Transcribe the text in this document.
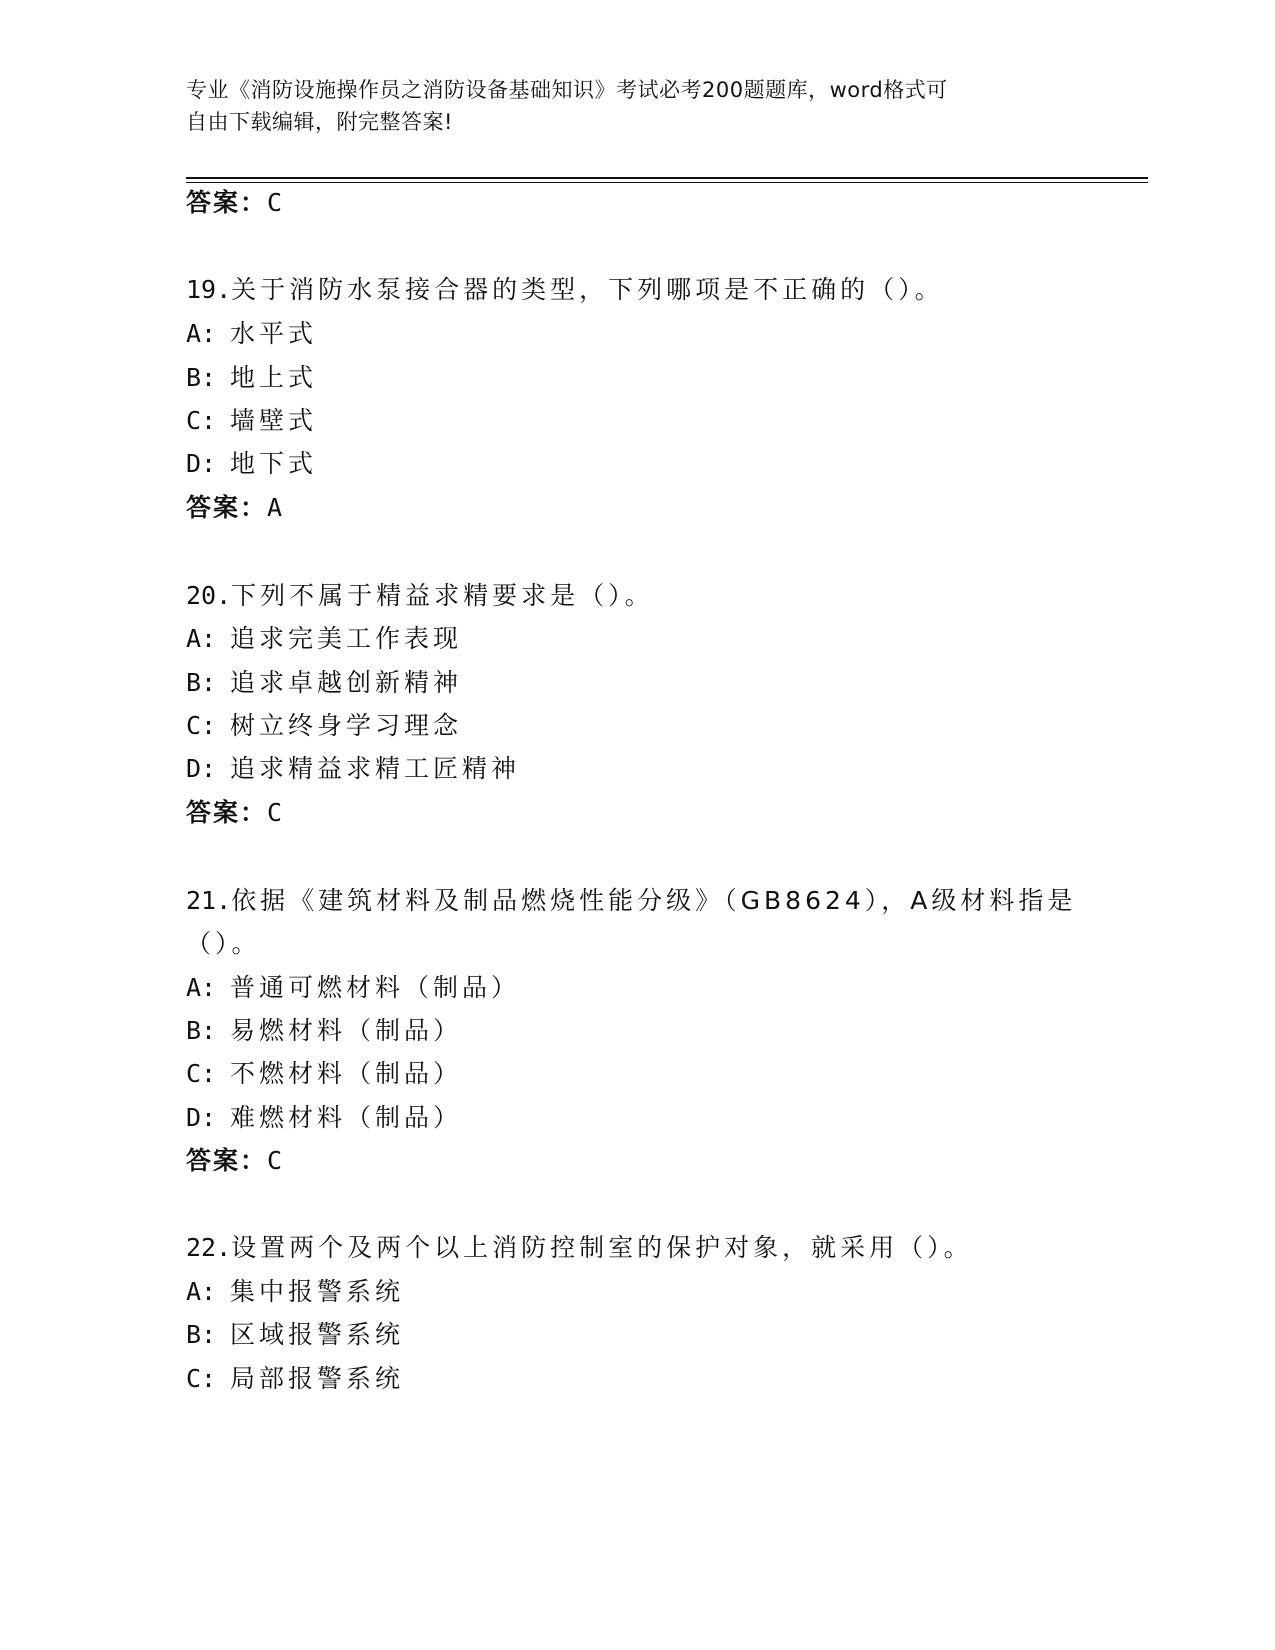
专业《消防设施操作员之消防设备基础知识》考试必考200题题库，word格式可
自由下载编辑，附完整答案!
答案：C
19.关于消防水泵接合器的类型，下列哪项是不正确的（）。
A: 水平式
B: 地上式
C: 墙壁式
D: 地下式
答案：A
20.下列不属于精益求精要求是（）。
A: 追求完美工作表现
B: 追求卓越创新精神
C: 树立终身学习理念
D: 追求精益求精工匠精神
答案：C
21.依据《建筑材料及制品燃烧性能分级》（GB8624），A级材料指是
（）。
A: 普通可燃材料（制品）
B: 易燃材料（制品）
C: 不燃材料（制品）
D: 难燃材料（制品）
答案：C
22.设置两个及两个以上消防控制室的保护对象，就采用（）。
A: 集中报警系统
B: 区域报警系统
C: 局部报警系统
